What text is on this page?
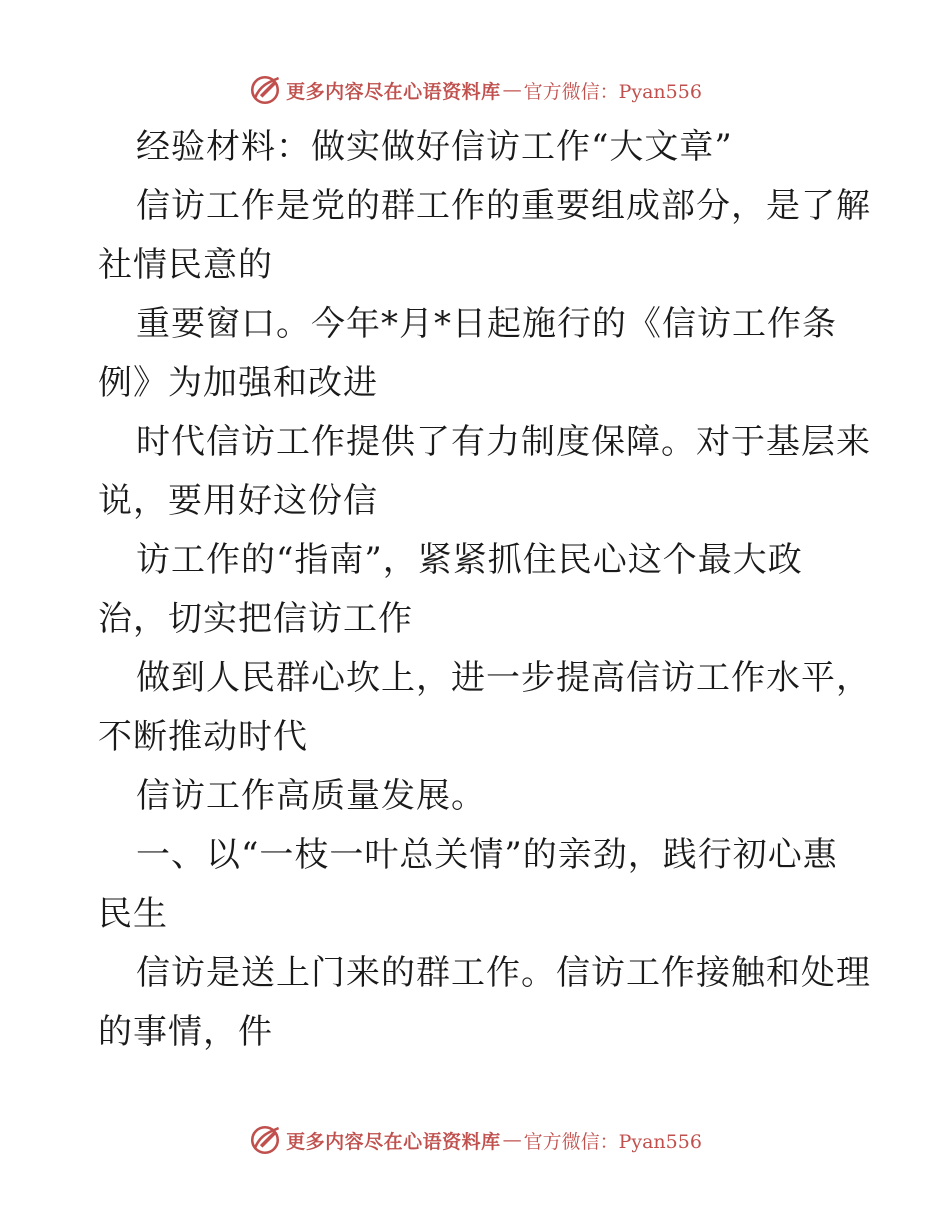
更多内容尽在心语资料库 — 官方微信：Pyan556
经验材料：做实做好信访工作“大文章”
信访工作是党的群工作的重要组成部分，是了解
社情民意的
重要窗口。今年*月*日起施行的《信访工作条
例》为加强和改进
时代信访工作提供了有力制度保障。对于基层来
说，要用好这份信
访工作的“指南”，紧紧抓住民心这个最大政
治，切实把信访工作
做到人民群心坎上，进一步提高信访工作水平，
不断推动时代
信访工作高质量发展。
一、以“一枝一叶总关情”的亲劲，践行初心惠
民生
信访是送上门来的群工作。信访工作接触和处理
的事情，件
更多内容尽在心语资料库 — 官方微信：Pyan556
